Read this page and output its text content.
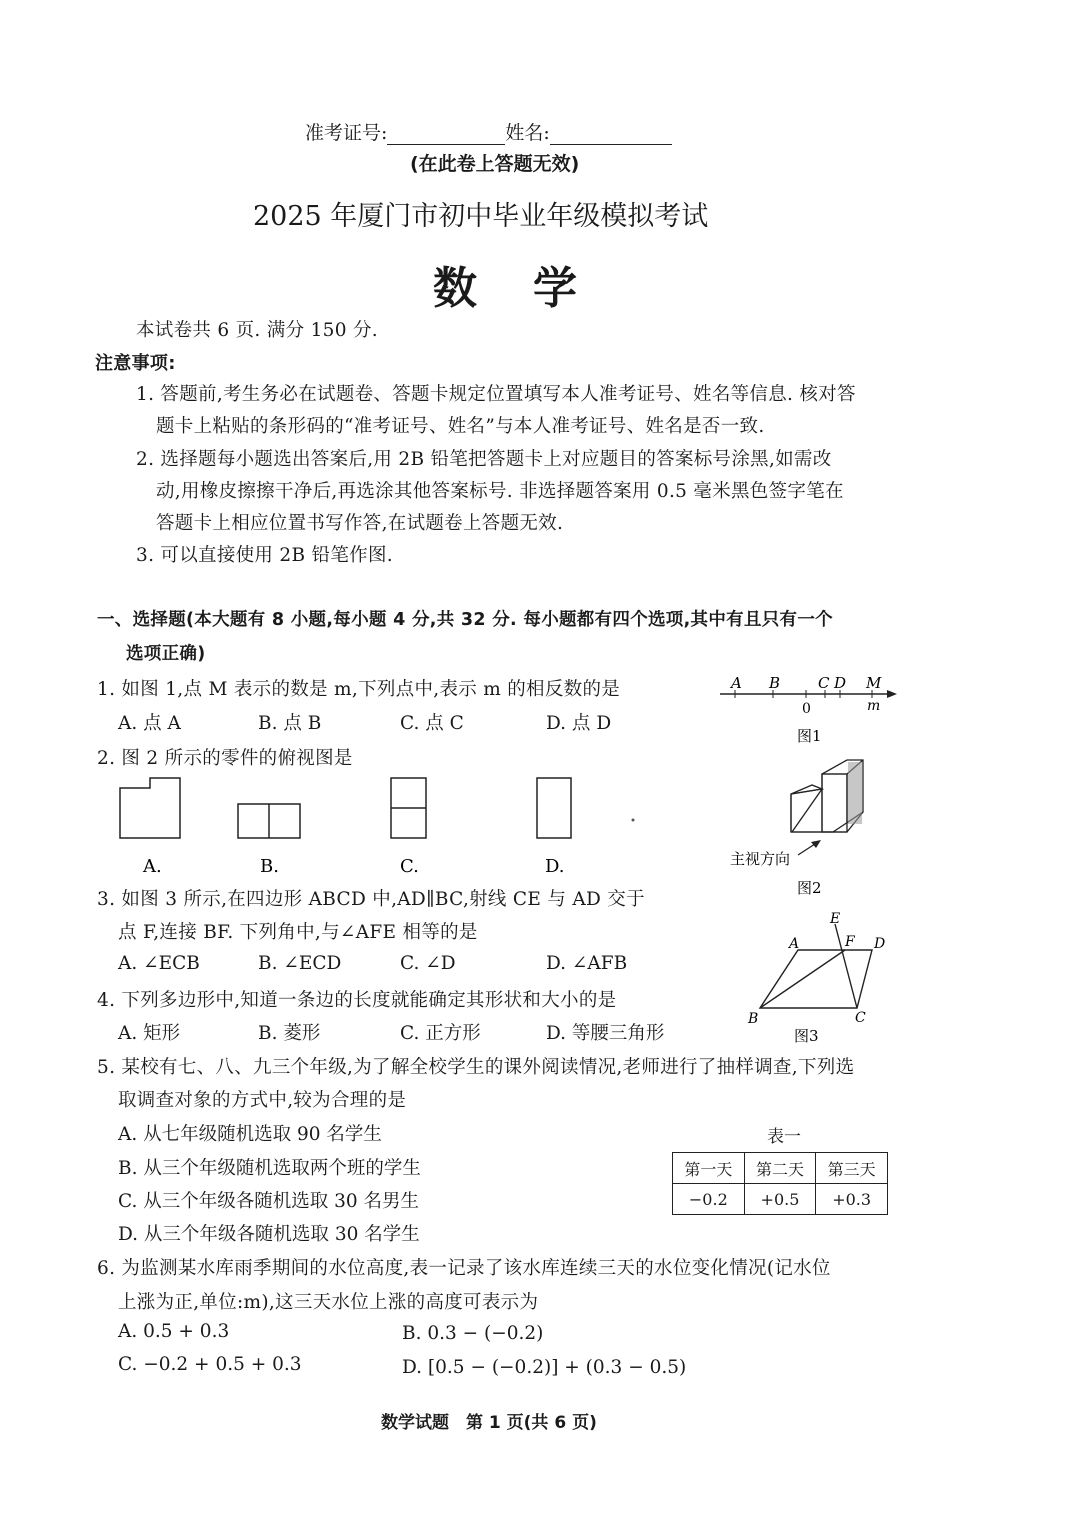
准考证号:	姓名:
(在此卷上答题无效)
2025 年厦门市初中毕业年级模拟考试
数　学
本试卷共 6 页. 满分 150 分.
注意事项:
1. 答题前,考生务必在试题卷、答题卡规定位置填写本人准考证号、姓名等信息. 核对答
题卡上粘贴的条形码的“准考证号、姓名”与本人准考证号、姓名是否一致.
2. 选择题每小题选出答案后,用 2B 铅笔把答题卡上对应题目的答案标号涂黑,如需改
动,用橡皮擦擦干净后,再选涂其他答案标号. 非选择题答案用 0.5 毫米黑色签字笔在
答题卡上相应位置书写作答,在试题卷上答题无效.
3. 可以直接使用 2B 铅笔作图.
一、选择题(本大题有 8 小题,每小题 4 分,共 32 分. 每小题都有四个选项,其中有且只有一个
选项正确)
1. 如图 1,点 M 表示的数是 m,下列点中,表示 m 的相反数的是
A. 点 A	B. 点 B	C. 点 C	D. 点 D
A B	C D M
0	m
图1
2. 图 2 所示的零件的俯视图是
A.	B.	C.	D.	主视方向
图2
3. 如图 3 所示,在四边形 ABCD 中,AD∥BC,射线 CE 与 AD 交于
点 F,连接 BF. 下列角中,与∠AFE 相等的是
A. ∠ECB	B. ∠ECD	C. ∠D	D. ∠AFB
E
A	F D
B	C
图3
4. 下列多边形中,知道一条边的长度就能确定其形状和大小的是
A. 矩形	B. 菱形	C. 正方形	D. 等腰三角形
5. 某校有七、八、九三个年级,为了解全校学生的课外阅读情况,老师进行了抽样调查,下列选
取调查对象的方式中,较为合理的是
A. 从七年级随机选取 90 名学生
B. 从三个年级随机选取两个班的学生
C. 从三个年级各随机选取 30 名男生
D. 从三个年级各随机选取 30 名学生
表一
第一天	第二天	第三天
−0.2	+0.5	+0.3
6. 为监测某水库雨季期间的水位高度,表一记录了该水库连续三天的水位变化情况(记水位
上涨为正,单位:m),这三天水位上涨的高度可表示为
A. 0.5 + 0.3	B. 0.3 − (−0.2)
C. −0.2 + 0.5 + 0.3	D. [0.5 − (−0.2)] + (0.3 − 0.5)
数学试题　第 1 页(共 6 页)
